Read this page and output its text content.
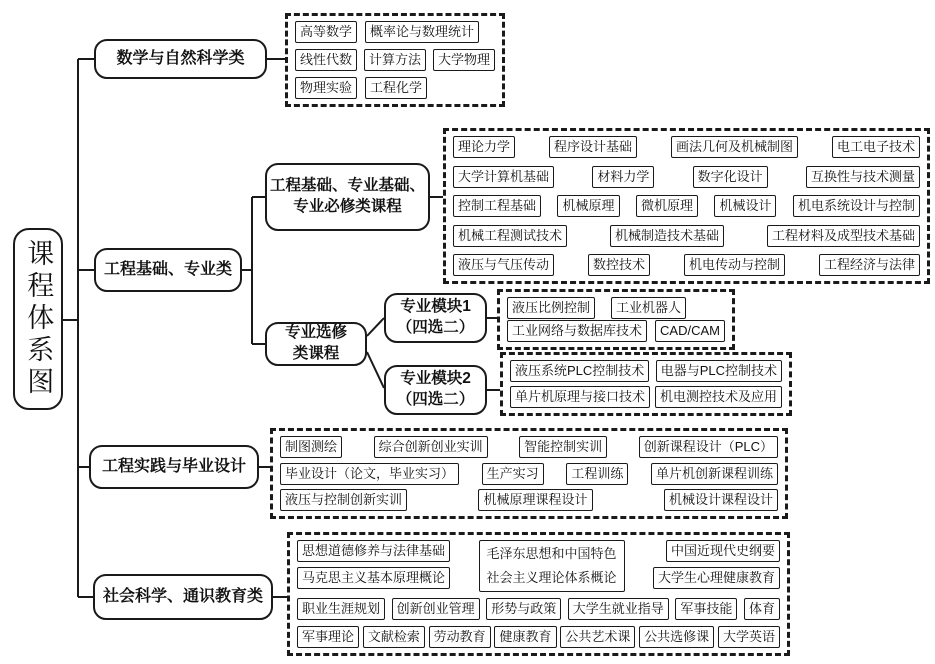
课程体系图
数学与自然科学类
高等数学	概率论与数理统计
线性代数	计算方法	大学物理
物理实验	工程化学
工程基础、专业类
工程基础、专业基础、
专业必修类课程
理论力学	程序设计基础	画法几何及机械制图	电工电子技术
大学计算机基础	材料力学	数字化设计	互换性与技术测量
控制工程基础	机械原理	微机原理	机械设计	机电系统设计与控制
机械工程测试技术	机械制造技术基础	工程材料及成型技术基础
液压与气压传动	数控技术	机电传动与控制	工程经济与法律
专业选修
类课程
专业模块1
（四选二）
液压比例控制	工业机器人
工业网络与数据库技术	CAD/CAM
专业模块2
（四选二）
液压系统PLC控制技术	电器与PLC控制技术
单片机原理与接口技术	机电测控技术及应用
工程实践与毕业设计
制图测绘	综合创新创业实训	智能控制实训	创新课程设计（PLC）
毕业设计（论文，毕业实习）	生产实习	工程训练	单片机创新课程训练
液压与控制创新实训	机械原理课程设计	机械设计课程设计
社会科学、通识教育类
思想道德修养与法律基础
马克思主义基本原理概论
毛泽东思想和中国特色社会主义理论体系概论
中国近现代史纲要
大学生心理健康教育
职业生涯规划	创新创业管理	形势与政策	大学生就业指导	军事技能	体育
军事理论	文献检索	劳动教育	健康教育	公共艺术课	公共选修课	大学英语
